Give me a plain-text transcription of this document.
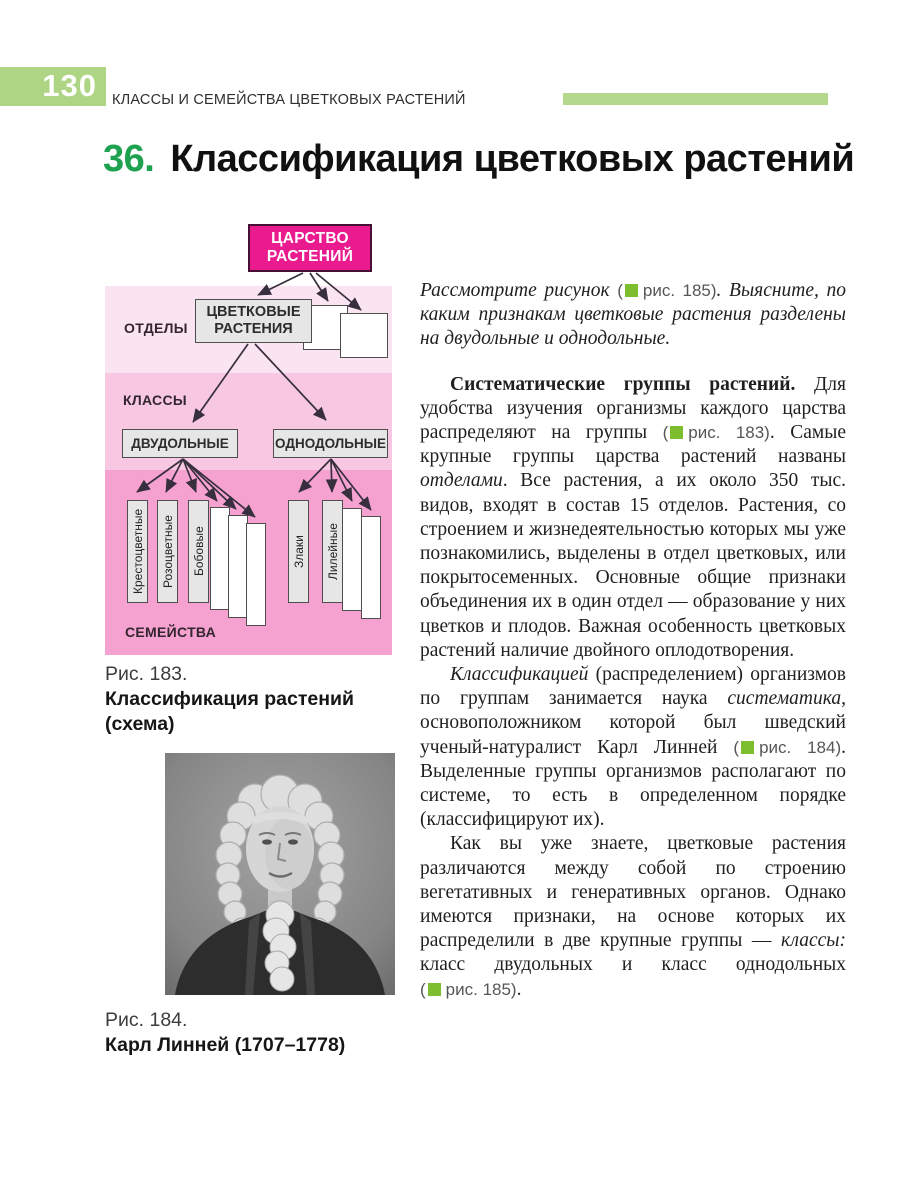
130	КЛАССЫ И СЕМЕЙСТВА ЦВЕТКОВЫХ РАСТЕНИЙ
36. Классификация цветковых растений
ЦАРСТВО РАСТЕНИЙ
ОТДЕЛЫ
КЛАССЫ
СЕМЕЙСТВА
ЦВЕТКОВЫЕ РАСТЕНИЯ
ДВУДОЛЬНЫЕ	ОДНОДОЛЬНЫЕ
Крестоцветные Розоцветные Бобовые	Злаки Лилейные
Рис. 183.
Классификация растений (схема)
Рис. 184.
Карл Линней (1707–1778)

Рассмотрите рисунок ( рис. 185). Выясните, по каким признакам цветковые растения разделены на двудольные и однодольные.

Систематические группы растений. Для удобства изучения организмы каждого царства распределяют на группы ( рис. 183). Самые крупные группы царства растений названы отделами. Все растения, а их около 350 тыс. видов, входят в состав 15 отделов. Растения, со строением и жизнедеятельностью которых мы уже познакомились, выделены в отдел цветковых, или покрытосеменных. Основные общие признаки объединения их в один отдел — образование у них цветков и плодов. Важная особенность цветковых растений наличие двойного оплодотворения.

Классификацией (распределением) организмов по группам занимается наука систематика, основоположником которой был шведский ученый-натуралист Карл Линней ( рис. 184). Выделенные группы организмов располагают по системе, то есть в определенном порядке (классифицируют их).

Как вы уже знаете, цветковые растения различаются между собой по строению вегетативных и генеративных органов. Однако имеются признаки, на основе которых их распределили в две крупные группы — классы: класс двудольных и класс однодольных ( рис. 185).
